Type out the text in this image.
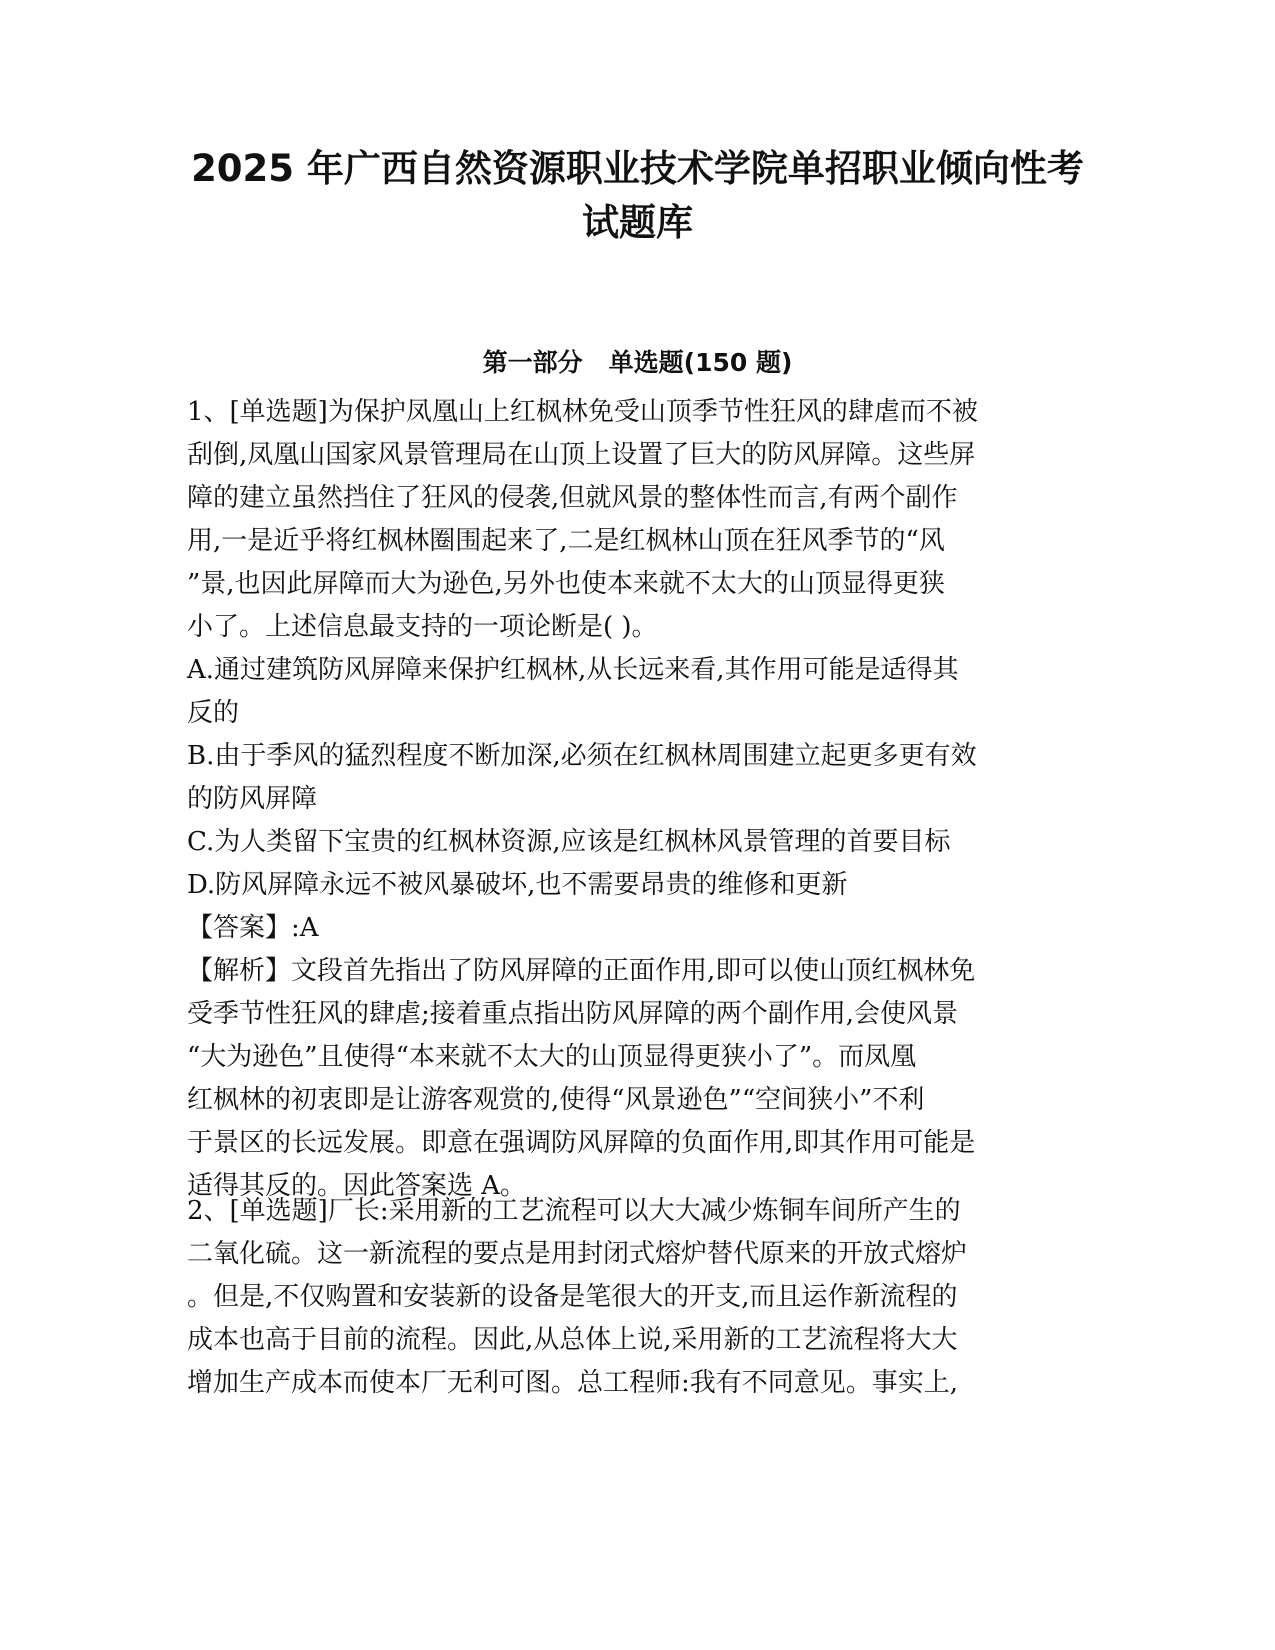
2025 年广西自然资源职业技术学院单招职业倾向性考
试题库
第一部分   单选题(150 题)
1、[单选题]为保护凤凰山上红枫林免受山顶季节性狂风的肆虐而不被
刮倒,凤凰山国家风景管理局在山顶上设置了巨大的防风屏障。这些屏
障的建立虽然挡住了狂风的侵袭,但就风景的整体性而言,有两个副作
用,一是近乎将红枫林圈围起来了,二是红枫林山顶在狂风季节的“风
”景,也因此屏障而大为逊色,另外也使本来就不太大的山顶显得更狭
小了。上述信息最支持的一项论断是( )。
A.通过建筑防风屏障来保护红枫林,从长远来看,其作用可能是适得其
反的
B.由于季风的猛烈程度不断加深,必须在红枫林周围建立起更多更有效
的防风屏障
C.为人类留下宝贵的红枫林资源,应该是红枫林风景管理的首要目标
D.防风屏障永远不被风暴破坏,也不需要昂贵的维修和更新
【答案】:A
【解析】文段首先指出了防风屏障的正面作用,即可以使山顶红枫林免
受季节性狂风的肆虐;接着重点指出防风屏障的两个副作用,会使风景
“大为逊色”且使得“本来就不太大的山顶显得更狭小了”。而凤凰
红枫林的初衷即是让游客观赏的,使得“风景逊色”“空间狭小”不利
于景区的长远发展。即意在强调防风屏障的负面作用,即其作用可能是
适得其反的。因此答案选 A。
2、[单选题]厂长:采用新的工艺流程可以大大减少炼铜车间所产生的
二氧化硫。这一新流程的要点是用封闭式熔炉替代原来的开放式熔炉
。但是,不仅购置和安装新的设备是笔很大的开支,而且运作新流程的
成本也高于目前的流程。因此,从总体上说,采用新的工艺流程将大大
增加生产成本而使本厂无利可图。总工程师:我有不同意见。事实上,
